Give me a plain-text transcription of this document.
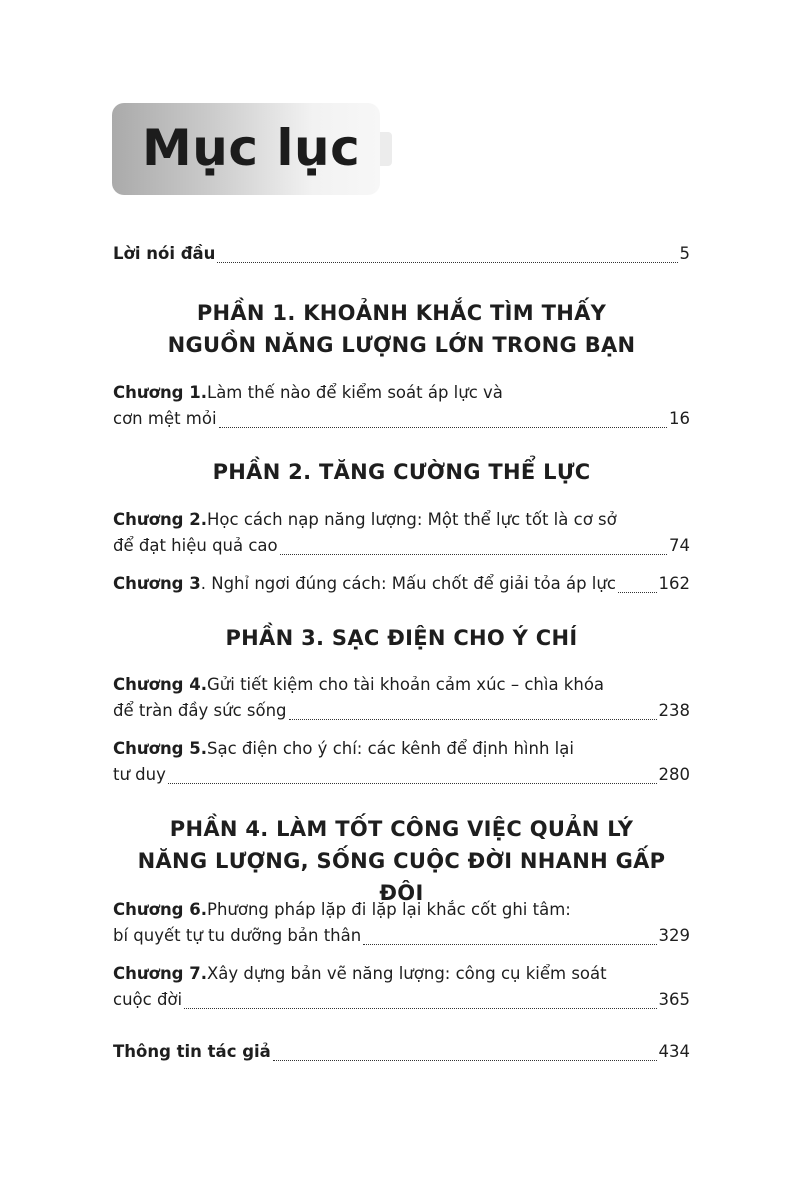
Mục lục
Lời nói đầu	5
PHẦN 1. KHOẢNH KHẮC TÌM THẤY
NGUỒN NĂNG LƯỢNG LỚN TRONG BẠN
Chương 1. Làm thế nào để kiểm soát áp lực và
cơn mệt mỏi	16
PHẦN 2. TĂNG CƯỜNG THỂ LỰC
Chương 2. Học cách nạp năng lượng: Một thể lực tốt là cơ sở
để đạt hiệu quả cao	74
Chương 3 . Nghỉ ngơi đúng cách: Mấu chốt để giải tỏa áp lực	162
PHẦN 3. SẠC ĐIỆN CHO Ý CHÍ
Chương 4. Gửi tiết kiệm cho tài khoản cảm xúc – chìa khóa
để tràn đầy sức sống	238
Chương 5. Sạc điện cho ý chí: các kênh để định hình lại
tư duy	280
PHẦN 4. LÀM TỐT CÔNG VIỆC QUẢN LÝ
NĂNG LƯỢNG, SỐNG CUỘC ĐỜI NHANH GẤP ĐÔI
Chương 6. Phương pháp lặp đi lặp lại khắc cốt ghi tâm:
bí quyết tự tu dưỡng bản thân	329
Chương 7. Xây dựng bản vẽ năng lượng: công cụ kiểm soát
cuộc đời	365
Thông tin tác giả	434
